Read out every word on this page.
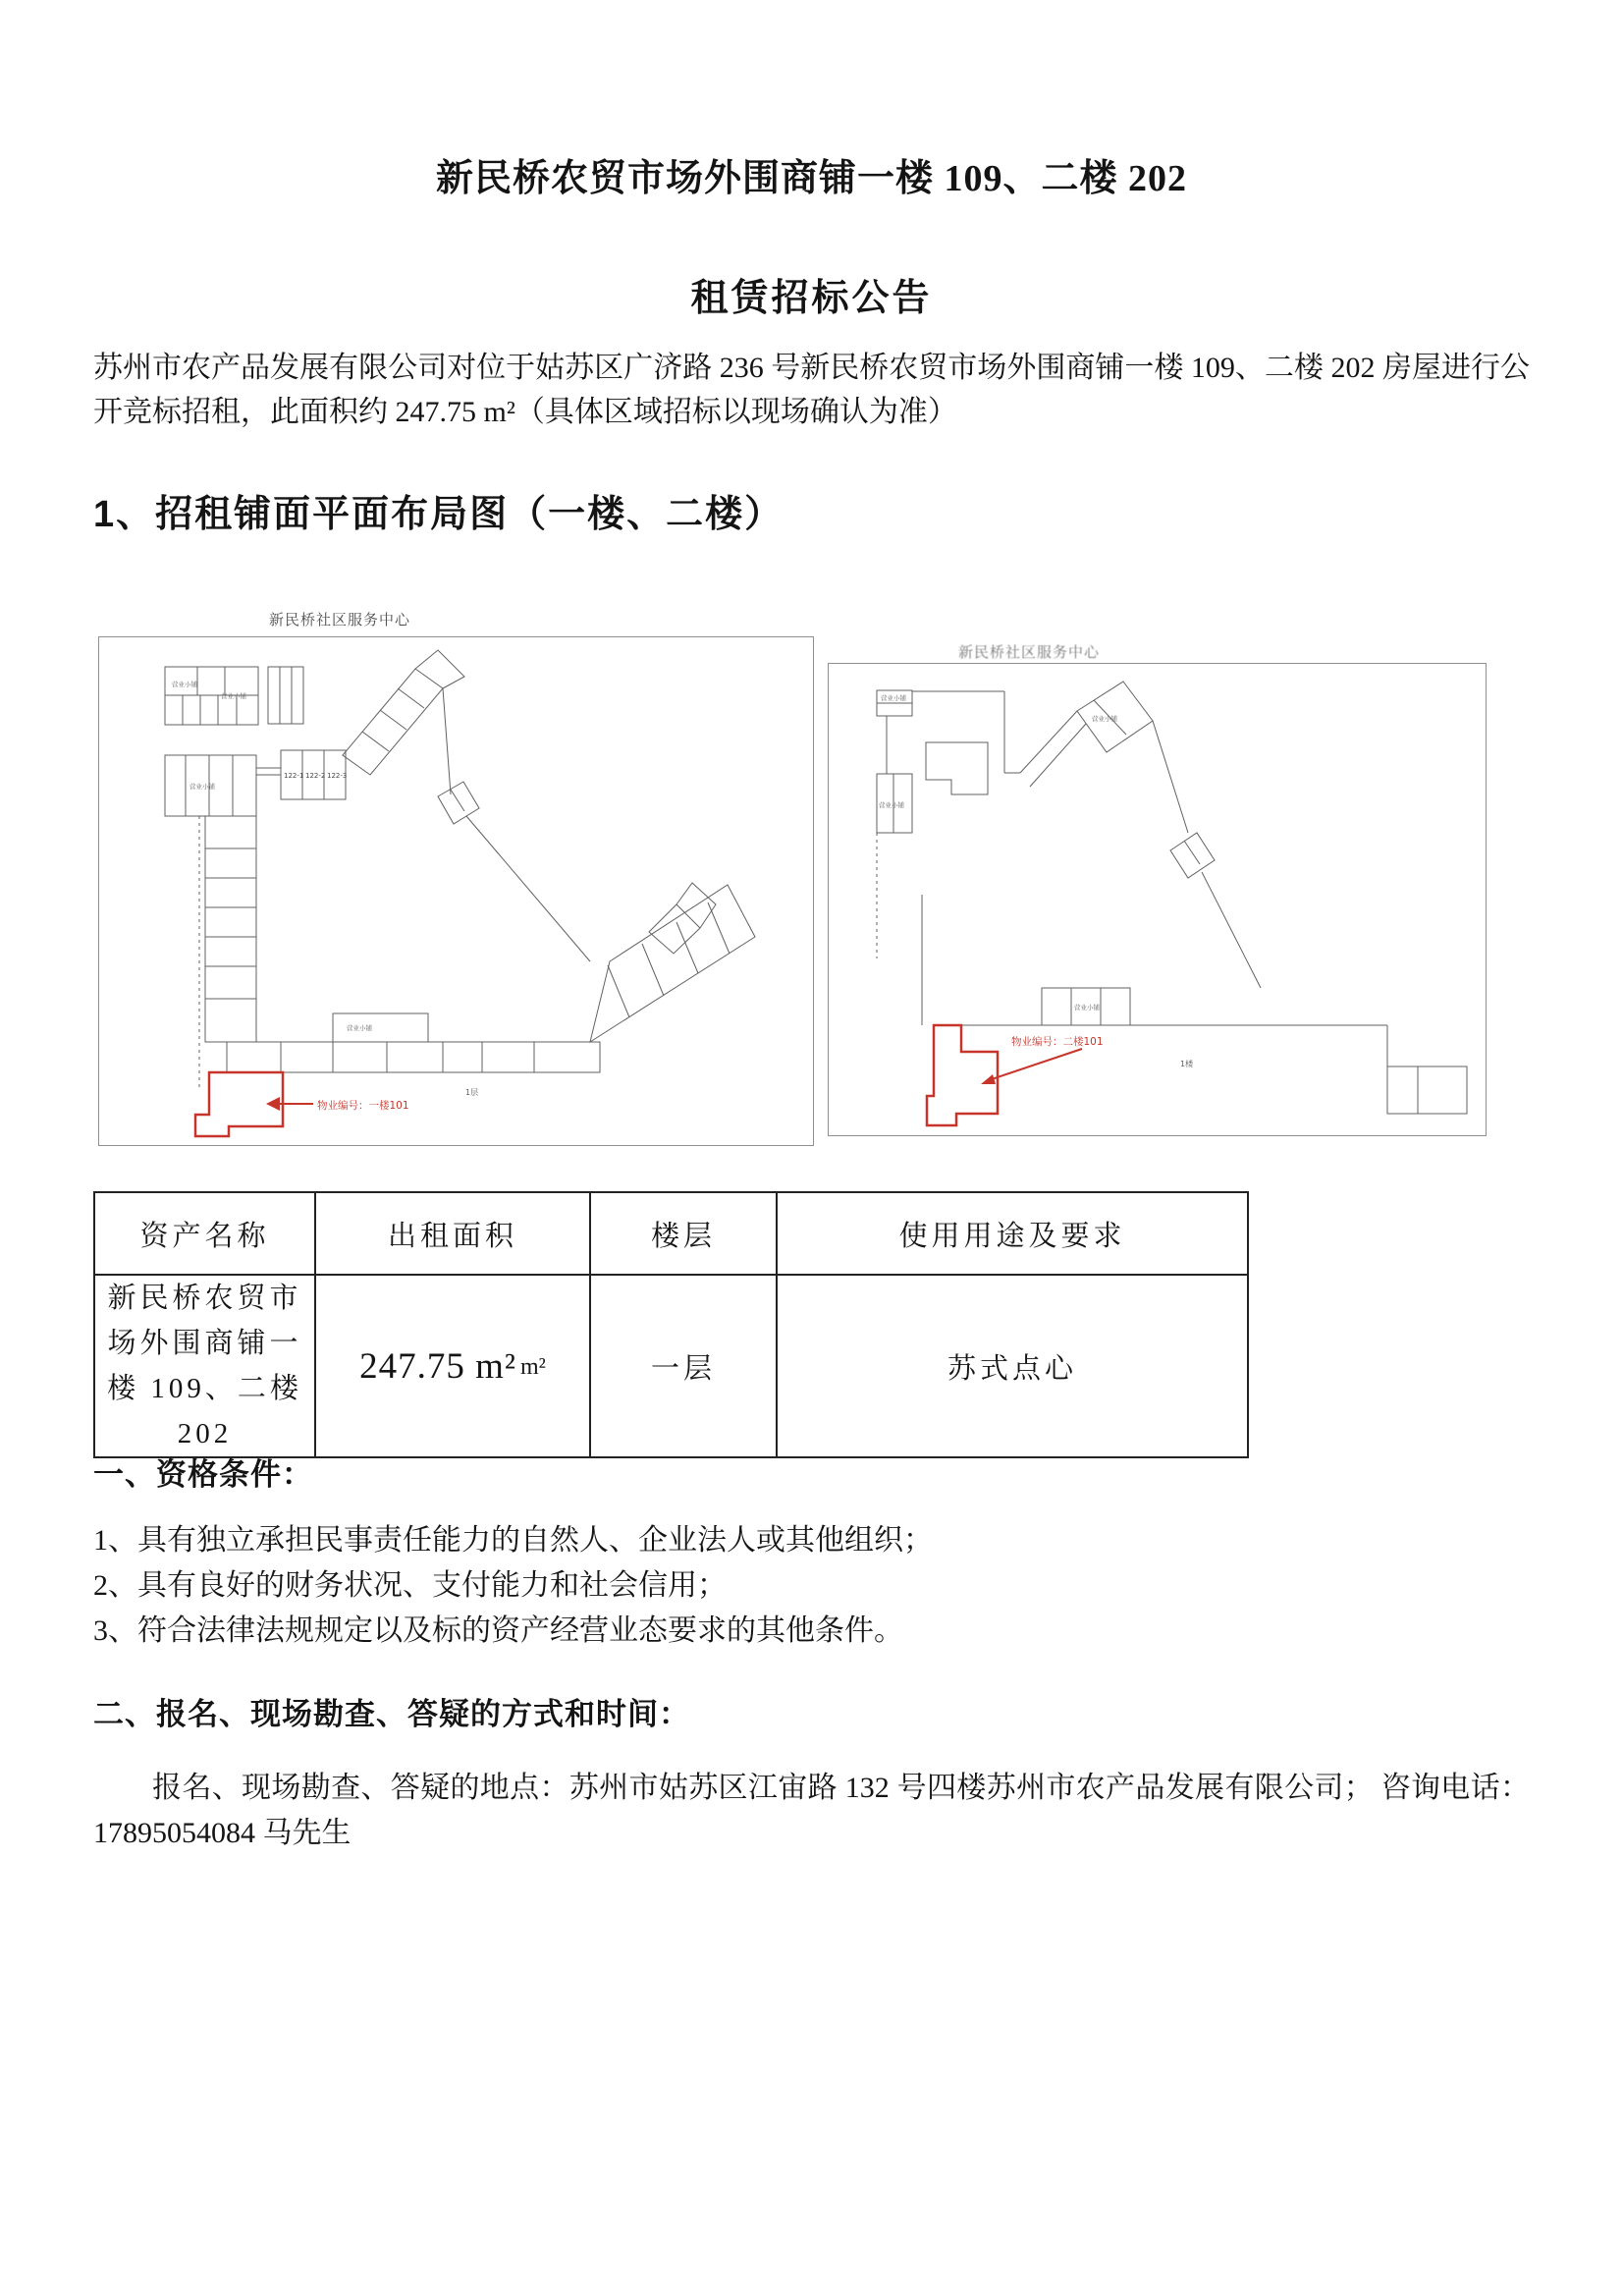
新民桥农贸市场外围商铺一楼 109、二楼 202
租赁招标公告
苏州市农产品发展有限公司对位于姑苏区广济路 236 号新民桥农贸市场外围商铺一楼 109、二楼 202 房屋进行公开竞标招租，此面积约 247.75 m²（具体区域招标以现场确认为准）
1、招租铺面平面布局图（一楼、二楼）
新民桥社区服务中心
营业小铺
营业小铺
营业小铺
营业小铺
122-1 122-2 122-3
1层
物业编号：一楼101
新民桥社区服务中心
营业小铺
营业小铺
营业小铺
营业小铺
1楼
物业编号：二楼101
资产名称	出租面积	楼层	使用用途及要求
新民桥农贸市场外围商铺一楼 109、二楼 202	247.75 m² m²	一层	苏式点心
一、资格条件：
1、具有独立承担民事责任能力的自然人、企业法人或其他组织；
2、具有良好的财务状况、支付能力和社会信用；
3、符合法律法规规定以及标的资产经营业态要求的其他条件。
二、报名、现场勘查、答疑的方式和时间：
报名、现场勘查、答疑的地点：苏州市姑苏区江宙路 132 号四楼苏州市农产品发展有限公司； 咨询电话：17895054084 马先生
